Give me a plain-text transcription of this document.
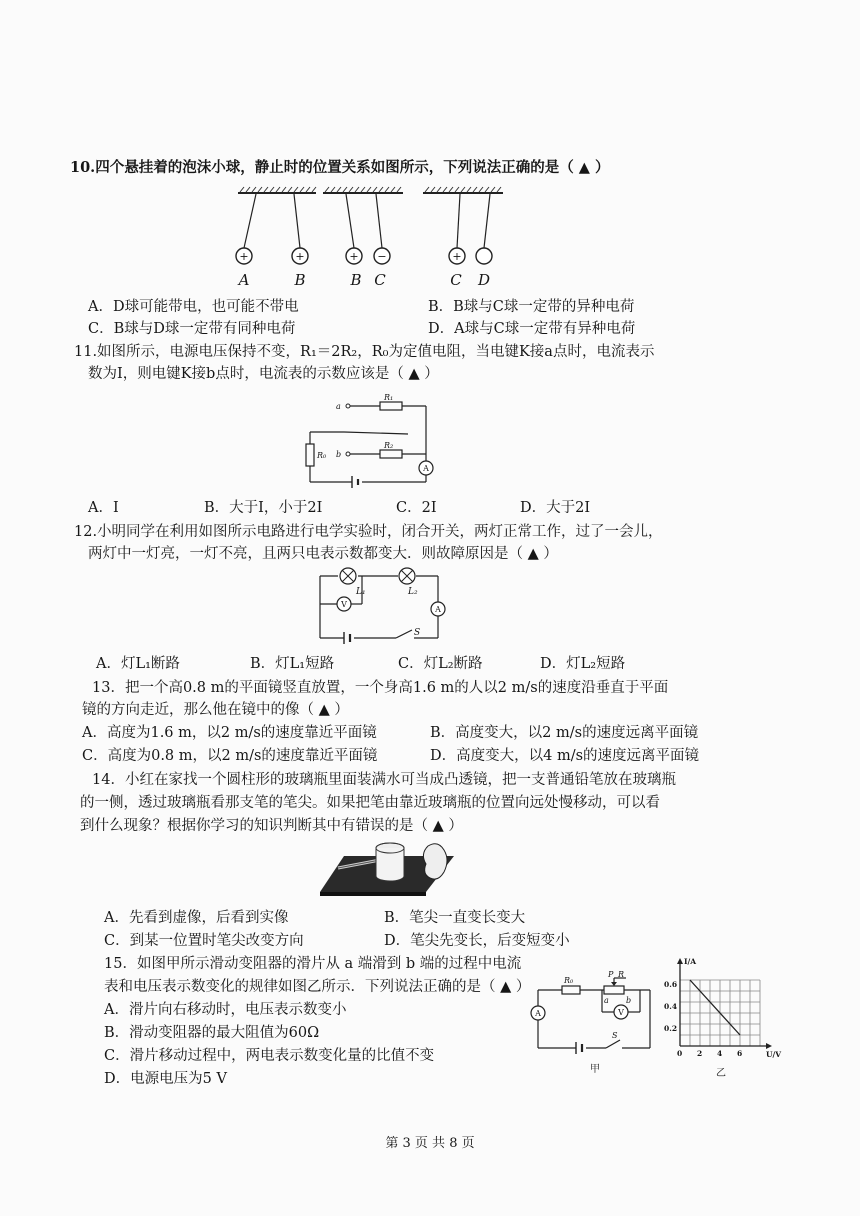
10.四个悬挂着的泡沫小球，静止时的位置关系如图所示，下列说法正确的是（ ▲ ）
+	+	+ −	+
A	B	B C	C D
A．D球可能带电，也可能不带电	B．B球与C球一定带的异种电荷
C．B球与D球一定带有同种电荷	D．A球与C球一定带有异种电荷
11.如图所示，电源电压保持不变，R₁＝2R₂，R₀为定值电阻，当电键K接a点时，电流表示
数为I，则电键K接b点时，电流表的示数应该是（ ▲ ）
a
b
R₁
R₂
R₀
A
A．I	B．大于I，小于2I	C．2I	D．大于2I
12.小明同学在利用如图所示电路进行电学实验时，闭合开关，两灯正常工作，过了一会儿，
两灯中一灯亮，一灯不亮，且两只电表示数都变大．则故障原因是（ ▲ ）
V
A
L₁	L₂
S
A．灯L₁断路	B．灯L₁短路	C．灯L₂断路	D．灯L₂短路
13．把一个高0.8 m的平面镜竖直放置，一个身高1.6 m的人以2 m/s的速度沿垂直于平面
镜的方向走近，那么他在镜中的像（ ▲ ）
A．高度为1.6 m，以2 m/s的速度靠近平面镜	B．高度变大，以2 m/s的速度远离平面镜
C．高度为0.8 m，以2 m/s的速度靠近平面镜	D．高度变大，以4 m/s的速度远离平面镜
14．小红在家找一个圆柱形的玻璃瓶里面装满水可当成凸透镜，把一支普通铅笔放在玻璃瓶
的一侧，透过玻璃瓶看那支笔的笔尖。如果把笔由靠近玻璃瓶的位置向远处慢移动，可以看
到什么现象？根据你学习的知识判断其中有错误的是（ ▲ ）
A．先看到虚像，后看到实像	B．笔尖一直变长变大
C．到某一位置时笔尖改变方向	D．笔尖先变长，后变短变小
15．如图甲所示滑动变阻器的滑片从 a 端滑到 b 端的过程中电流
表和电压表示数变化的规律如图乙所示．下列说法正确的是（ ▲ ）
A．滑片向右移动时，电压表示数变小
B．滑动变阻器的最大阻值为60Ω
C．滑片移动过程中，两电表示数变化量的比值不变
D．电源电压为5 V
A	V
R₀
P R
a b
S
甲
I/A
0.6
0.4
0.2
0 2 4 6	U/V
乙
第 3 页 共 8 页
